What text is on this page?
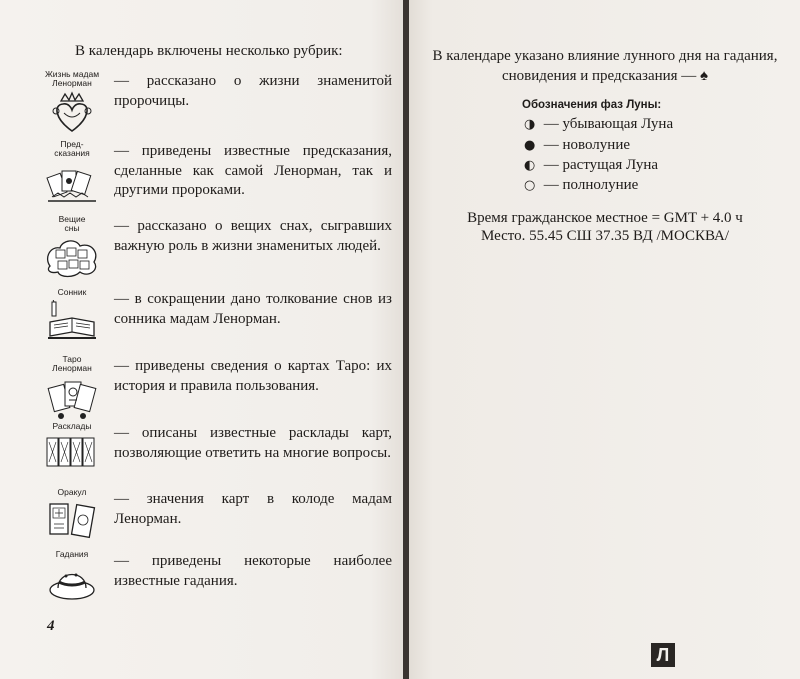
В календарь включены несколько рубрик:
Жизнь мадам Ленорман	— рассказано о жизни знаменитой пророчицы.
Пред- сказания — приведены известные предсказания, сделанные как самой Ленорман, так и другими пророками.
Вещие сны	— рассказано о вещих снах, сыгравших важную роль в жизни знаменитых людей.
Сонник	— в сокращении дано толкование снов из сонника мадам Ленорман.
Таро Ленорман — приведены сведения о картах Таро: их история и правила пользования.
Расклады	— описаны известные расклады карт, позволяющие ответить на многие вопросы.
Оракул	— значения карт в колоде мадам Ленорман.
Гадания	— приведены некоторые наиболее известные гадания.
4
В календаре указано влияние лунного дня на гадания, сновидения и предсказания — ♠
Обозначения фаз Луны:
◑ — убывающая Луна
● — новолуние
◐ — растущая Луна
○ — полнолуние
Время гражданское местное = GMT + 4.0 ч
Место. 55.45 СШ 37.35 ВД /МОСКВА/
Л
